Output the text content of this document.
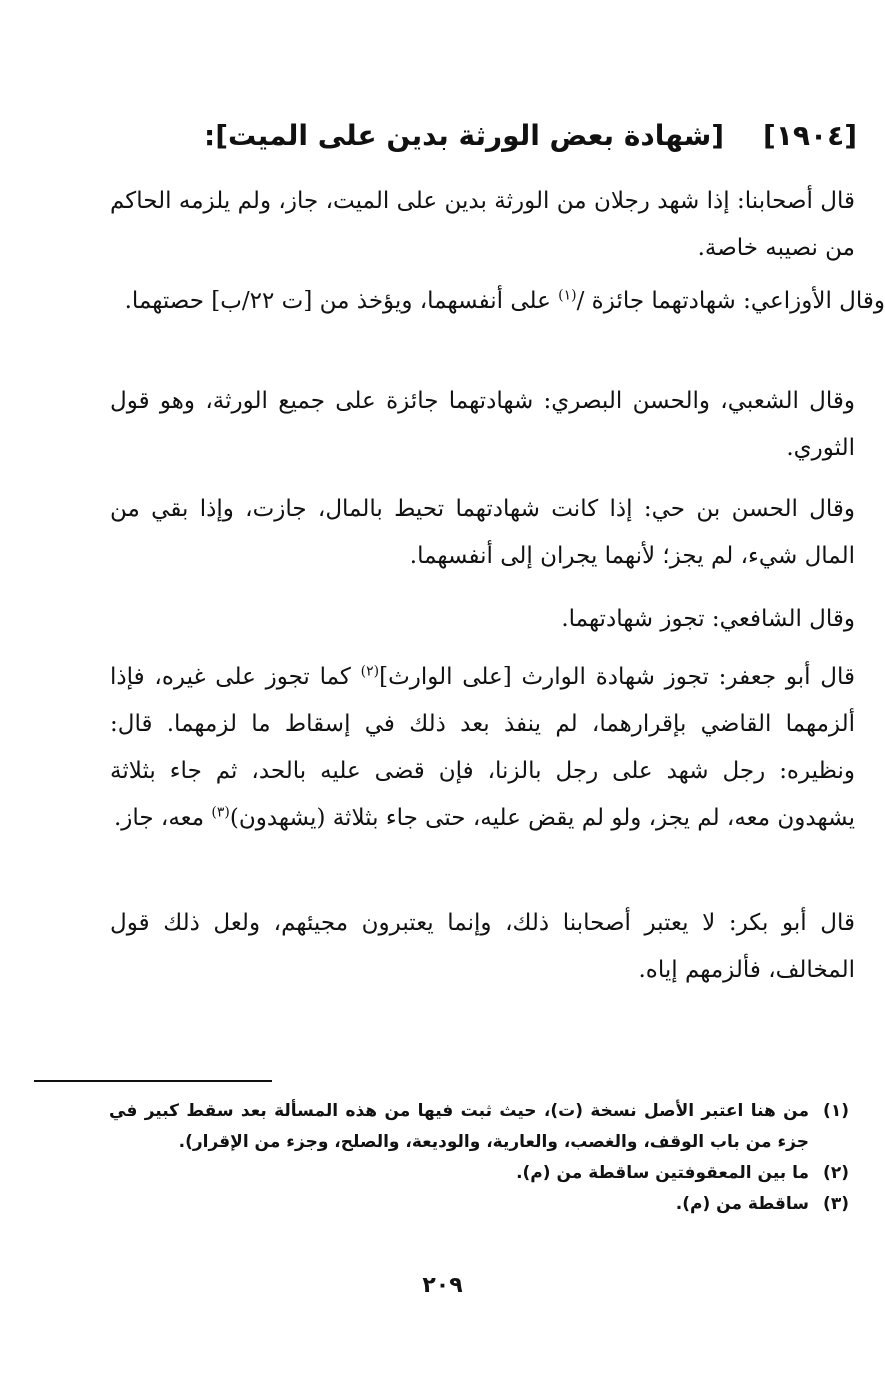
[١٩٠٤]    [شهادة بعض الورثة بدين على الميت]:

قال أصحابنا: إذا شهد رجلان من الورثة بدين على الميت، جاز، ولم يلزمه الحاكم من نصيبه خاصة.

وقال الأوزاعي: شهادتهما جائزة /$^{(١)}$ على أنفسهما، ويؤخذ من [ت ٢٢/ب] حصتهما.

وقال الشعبي، والحسن البصري: شهادتهما جائزة على جميع الورثة، وهو قول الثوري.

وقال الحسن بن حي: إذا كانت شهادتهما تحيط بالمال، جازت، وإذا بقي من المال شيء، لم يجز؛ لأنهما يجران إلى أنفسهما.

وقال الشافعي: تجوز شهادتهما.

قال أبو جعفر: تجوز شهادة الوارث [على الوارث]$^{(٢)}$ كما تجوز على غيره، فإذا ألزمهما القاضي بإقرارهما، لم ينفذ بعد ذلك في إسقاط ما لزمهما. قال: ونظيره: رجل شهد على رجل بالزنا، فإن قضى عليه بالحد، ثم جاء بثلاثة يشهدون معه، لم يجز، ولو لم يقض عليه، حتى جاء بثلاثة (يشهدون)$^{(٣)}$ معه، جاز.

قال أبو بكر: لا يعتبر أصحابنا ذلك، وإنما يعتبرون مجيئهم، ولعل ذلك قول المخالف، فألزمهم إياه.

(١)
من هنا اعتبر الأصل نسخة (ت)، حيث ثبت فيها من هذه المسألة بعد سقط كبير في جزء من باب الوقف، والغصب، والعارية، والوديعة، والصلح، وجزء من الإقرار).
(٢)
ما بين المعقوفتين ساقطة من (م).
(٣)
ساقطة من (م).
٢٠٩
